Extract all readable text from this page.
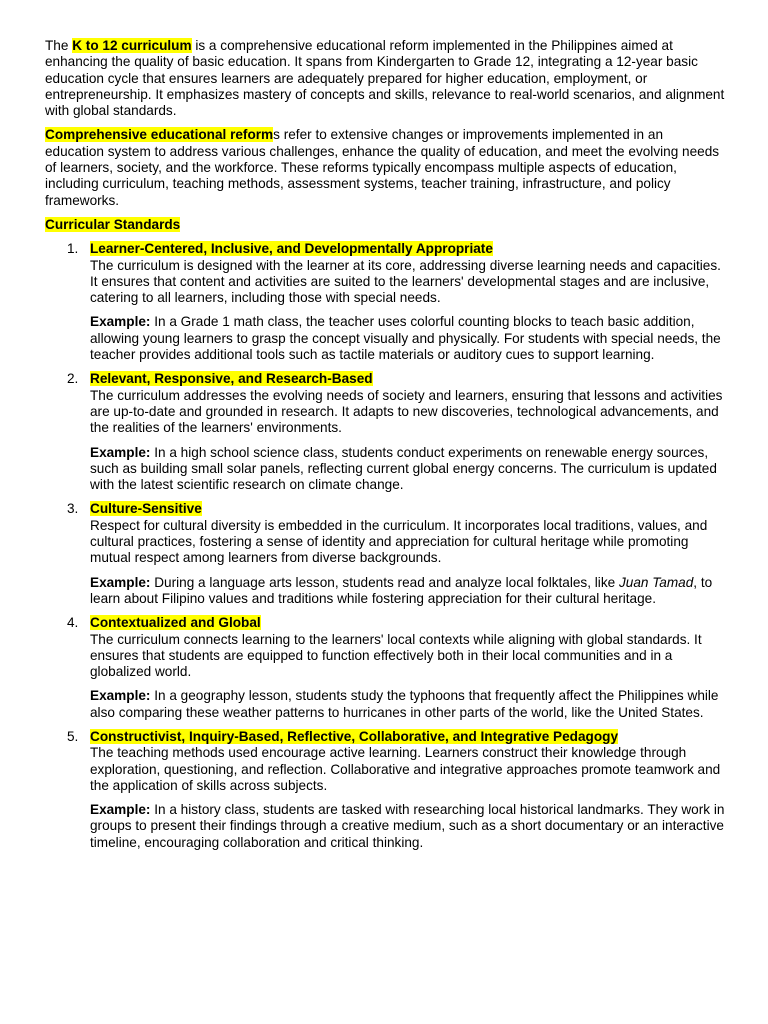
The K to 12 curriculum is a comprehensive educational reform implemented in the Philippines aimed at enhancing the quality of basic education. It spans from Kindergarten to Grade 12, integrating a 12-year basic education cycle that ensures learners are adequately prepared for higher education, employment, or entrepreneurship. It emphasizes mastery of concepts and skills, relevance to real-world scenarios, and alignment with global standards.

Comprehensive educational reforms refer to extensive changes or improvements implemented in an education system to address various challenges, enhance the quality of education, and meet the evolving needs of learners, society, and the workforce. These reforms typically encompass multiple aspects of education, including curriculum, teaching methods, assessment systems, teacher training, infrastructure, and policy frameworks.

Curricular Standards

1. Learner-Centered, Inclusive, and Developmentally Appropriate

The curriculum is designed with the learner at its core, addressing diverse learning needs and capacities. It ensures that content and activities are suited to the learners' developmental stages and are inclusive, catering to all learners, including those with special needs.

Example: In a Grade 1 math class, the teacher uses colorful counting blocks to teach basic addition, allowing young learners to grasp the concept visually and physically. For students with special needs, the teacher provides additional tools such as tactile materials or auditory cues to support learning.

2. Relevant, Responsive, and Research-Based

The curriculum addresses the evolving needs of society and learners, ensuring that lessons and activities are up-to-date and grounded in research. It adapts to new discoveries, technological advancements, and the realities of the learners' environments.

Example: In a high school science class, students conduct experiments on renewable energy sources, such as building small solar panels, reflecting current global energy concerns. The curriculum is updated with the latest scientific research on climate change.

3. Culture-Sensitive

Respect for cultural diversity is embedded in the curriculum. It incorporates local traditions, values, and cultural practices, fostering a sense of identity and appreciation for cultural heritage while promoting mutual respect among learners from diverse backgrounds.

Example: During a language arts lesson, students read and analyze local folktales, like Juan Tamad, to learn about Filipino values and traditions while fostering appreciation for their cultural heritage.

4. Contextualized and Global

The curriculum connects learning to the learners' local contexts while aligning with global standards. It ensures that students are equipped to function effectively both in their local communities and in a globalized world.

Example: In a geography lesson, students study the typhoons that frequently affect the Philippines while also comparing these weather patterns to hurricanes in other parts of the world, like the United States.

5. Constructivist, Inquiry-Based, Reflective, Collaborative, and Integrative Pedagogy

The teaching methods used encourage active learning. Learners construct their knowledge through exploration, questioning, and reflection. Collaborative and integrative approaches promote teamwork and the application of skills across subjects.

Example: In a history class, students are tasked with researching local historical landmarks. They work in groups to present their findings through a creative medium, such as a short documentary or an interactive timeline, encouraging collaboration and critical thinking.
